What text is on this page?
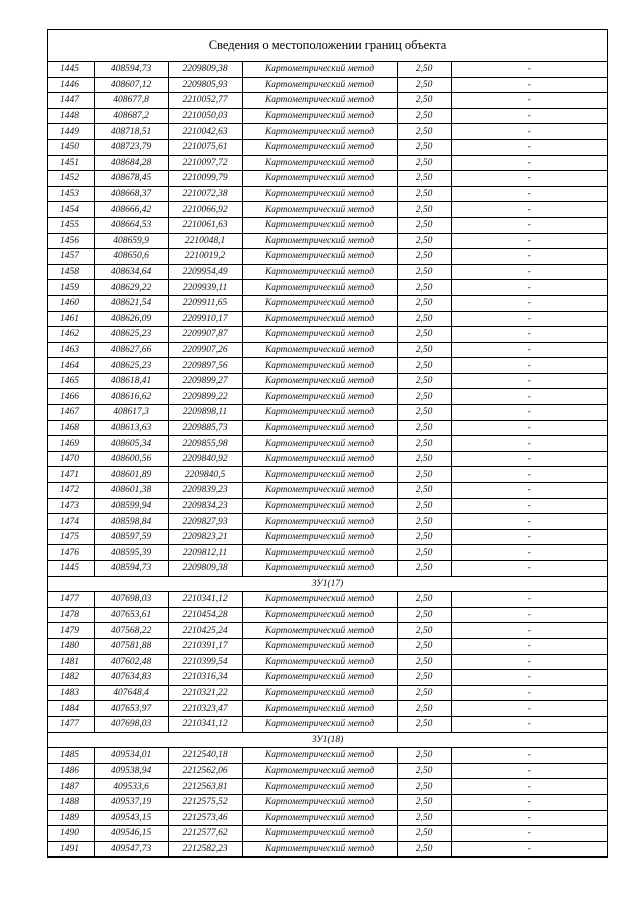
Сведения о местоположении границ объекта
1445	408594,73	2209809,38	Картометрический метод	2,50	-
1446	408607,12	2209805,93	Картометрический метод	2,50	-
1447	408677,8	2210052,77	Картометрический метод	2,50	-
1448	408687,2	2210050,03	Картометрический метод	2,50	-
1449	408718,51	2210042,63	Картометрический метод	2,50	-
1450	408723,79	2210075,61	Картометрический метод	2,50	-
1451	408684,28	2210097,72	Картометрический метод	2,50	-
1452	408678,45	2210099,79	Картометрический метод	2,50	-
1453	408668,37	2210072,38	Картометрический метод	2,50	-
1454	408666,42	2210066,92	Картометрический метод	2,50	-
1455	408664,53	2210061,63	Картометрический метод	2,50	-
1456	408659,9	2210048,1	Картометрический метод	2,50	-
1457	408650,6	2210019,2	Картометрический метод	2,50	-
1458	408634,64	2209954,49	Картометрический метод	2,50	-
1459	408629,22	2209939,11	Картометрический метод	2,50	-
1460	408621,54	2209911,65	Картометрический метод	2,50	-
1461	408626,09	2209910,17	Картометрический метод	2,50	-
1462	408625,23	2209907,87	Картометрический метод	2,50	-
1463	408627,66	2209907,26	Картометрический метод	2,50	-
1464	408625,23	2209897,56	Картометрический метод	2,50	-
1465	408618,41	2209899,27	Картометрический метод	2,50	-
1466	408616,62	2209899,22	Картометрический метод	2,50	-
1467	408617,3	2209898,11	Картометрический метод	2,50	-
1468	408613,63	2209885,73	Картометрический метод	2,50	-
1469	408605,34	2209855,98	Картометрический метод	2,50	-
1470	408600,56	2209840,92	Картометрический метод	2,50	-
1471	408601,89	2209840,5	Картометрический метод	2,50	-
1472	408601,38	2209839,23	Картометрический метод	2,50	-
1473	408599,94	2209834,23	Картометрический метод	2,50	-
1474	408598,84	2209827,93	Картометрический метод	2,50	-
1475	408597,59	2209823,21	Картометрический метод	2,50	-
1476	408595,39	2209812,11	Картометрический метод	2,50	-
1445	408594,73	2209809,38	Картометрический метод	2,50	-
ЗУ1(17)					
1477	407698,03	2210341,12	Картометрический метод	2,50	-
1478	407653,61	2210454,28	Картометрический метод	2,50	-
1479	407568,22	2210425,24	Картометрический метод	2,50	-
1480	407581,88	2210391,17	Картометрический метод	2,50	-
1481	407602,48	2210399,54	Картометрический метод	2,50	-
1482	407634,83	2210316,34	Картометрический метод	2,50	-
1483	407648,4	2210321,22	Картометрический метод	2,50	-
1484	407653,97	2210323,47	Картометрический метод	2,50	-
1477	407698,03	2210341,12	Картометрический метод	2,50	-
ЗУ1(18)					
1485	409534,01	2212540,18	Картометрический метод	2,50	-
1486	409538,94	2212562,06	Картометрический метод	2,50	-
1487	409533,6	2212563,81	Картометрический метод	2,50	-
1488	409537,19	2212575,52	Картометрический метод	2,50	-
1489	409543,15	2212573,46	Картометрический метод	2,50	-
1490	409546,15	2212577,62	Картометрический метод	2,50	-
1491	409547,73	2212582,23	Картометрический метод	2,50	-
